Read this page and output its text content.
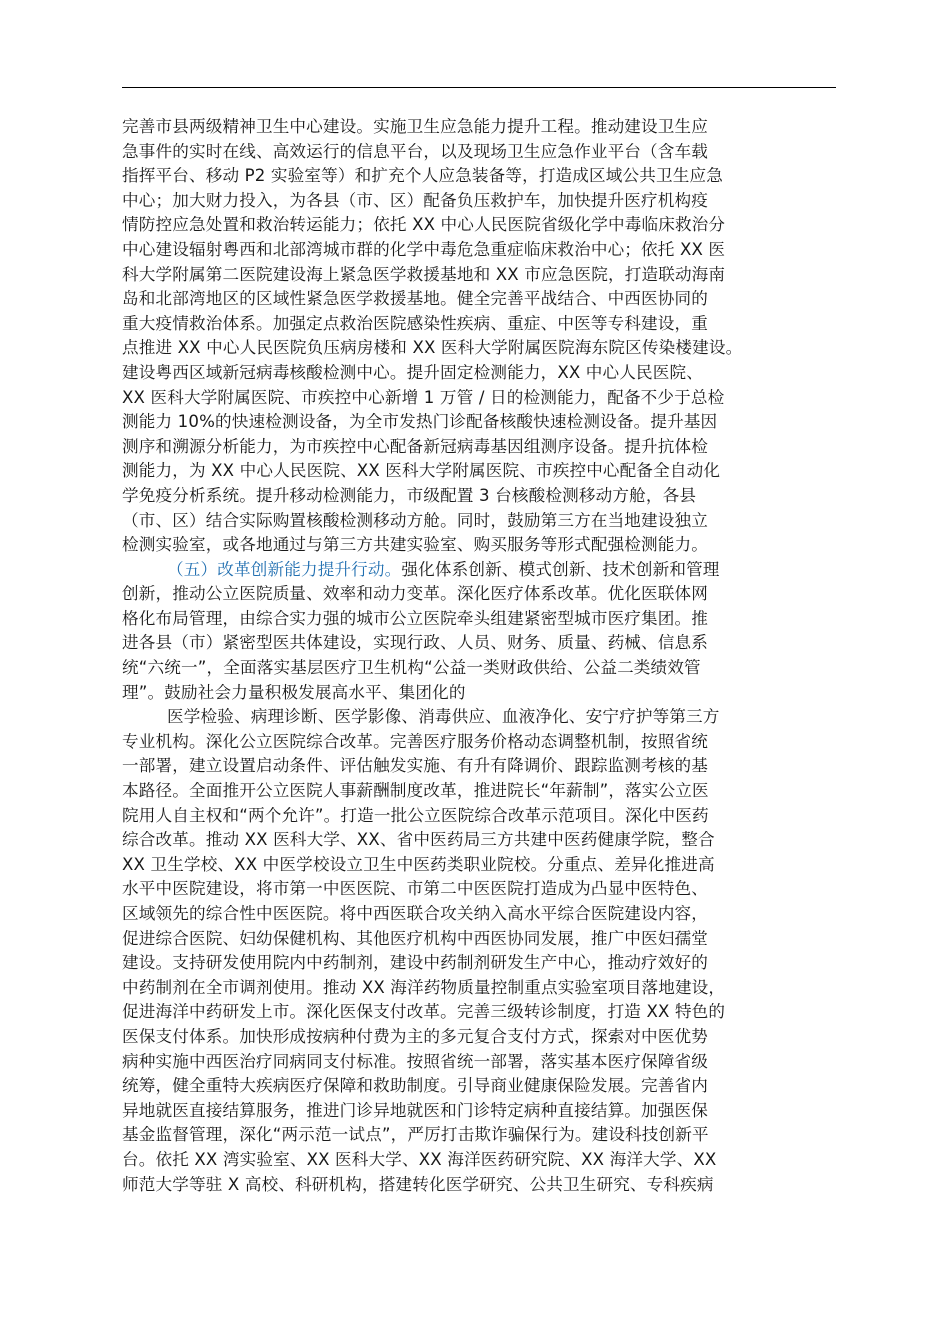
完善市县两级精神卫生中心建设。实施卫生应急能力提升工程。推动建设卫生应
急事件的实时在线、高效运行的信息平台，以及现场卫生应急作业平台（含车载
指挥平台、移动 P2 实验室等）和扩充个人应急装备等，打造成区域公共卫生应急
中心；加大财力投入，为各县（市、区）配备负压救护车，加快提升医疗机构疫
情防控应急处置和救治转运能力；依托 XX 中心人民医院省级化学中毒临床救治分
中心建设辐射粤西和北部湾城市群的化学中毒危急重症临床救治中心；依托 XX 医
科大学附属第二医院建设海上紧急医学救援基地和 XX 市应急医院，打造联动海南
岛和北部湾地区的区域性紧急医学救援基地。健全完善平战结合、中西医协同的
重大疫情救治体系。加强定点救治医院感染性疾病、重症、中医等专科建设，重
点推进 XX 中心人民医院负压病房楼和 XX 医科大学附属医院海东院区传染楼建设。
建设粤西区域新冠病毒核酸检测中心。提升固定检测能力，XX 中心人民医院、
XX 医科大学附属医院、市疾控中心新增 1 万管 / 日的检测能力，配备不少于总检
测能力 10%的快速检测设备，为全市发热门诊配备核酸快速检测设备。提升基因
测序和溯源分析能力，为市疾控中心配备新冠病毒基因组测序设备。提升抗体检
测能力，为 XX 中心人民医院、XX 医科大学附属医院、市疾控中心配备全自动化
学免疫分析系统。提升移动检测能力，市级配置 3 台核酸检测移动方舱，各县
（市、区）结合实际购置核酸检测移动方舱。同时，鼓励第三方在当地建设独立
检测实验室，或各地通过与第三方共建实验室、购买服务等形式配强检测能力。
（五）改革创新能力提升行动。强化体系创新、模式创新、技术创新和管理
创新，推动公立医院质量、效率和动力变革。深化医疗体系改革。优化医联体网
格化布局管理，由综合实力强的城市公立医院牵头组建紧密型城市医疗集团。推
进各县（市）紧密型医共体建设，实现行政、人员、财务、质量、药械、信息系
统“六统一”，全面落实基层医疗卫生机构“公益一类财政供给、公益二类绩效管
理”。鼓励社会力量积极发展高水平、集团化的
医学检验、病理诊断、医学影像、消毒供应、血液净化、安宁疗护等第三方
专业机构。深化公立医院综合改革。完善医疗服务价格动态调整机制，按照省统
一部署，建立设置启动条件、评估触发实施、有升有降调价、跟踪监测考核的基
本路径。全面推开公立医院人事薪酬制度改革，推进院长“年薪制”，落实公立医
院用人自主权和“两个允许”。打造一批公立医院综合改革示范项目。深化中医药
综合改革。推动 XX 医科大学、XX、省中医药局三方共建中医药健康学院，整合
XX 卫生学校、XX 中医学校设立卫生中医药类职业院校。分重点、差异化推进高
水平中医院建设，将市第一中医医院、市第二中医医院打造成为凸显中医特色、
区域领先的综合性中医医院。将中西医联合攻关纳入高水平综合医院建设内容，
促进综合医院、妇幼保健机构、其他医疗机构中西医协同发展，推广中医妇孺堂
建设。支持研发使用院内中药制剂，建设中药制剂研发生产中心，推动疗效好的
中药制剂在全市调剂使用。推动 XX 海洋药物质量控制重点实验室项目落地建设，
促进海洋中药研发上市。深化医保支付改革。完善三级转诊制度，打造 XX 特色的
医保支付体系。加快形成按病种付费为主的多元复合支付方式，探索对中医优势
病种实施中西医治疗同病同支付标准。按照省统一部署，落实基本医疗保障省级
统筹，健全重特大疾病医疗保障和救助制度。引导商业健康保险发展。完善省内
异地就医直接结算服务，推进门诊异地就医和门诊特定病种直接结算。加强医保
基金监督管理，深化“两示范一试点”，严厉打击欺诈骗保行为。建设科技创新平
台。依托 XX 湾实验室、XX 医科大学、XX 海洋医药研究院、XX 海洋大学、XX
师范大学等驻 X 高校、科研机构，搭建转化医学研究、公共卫生研究、专科疾病
